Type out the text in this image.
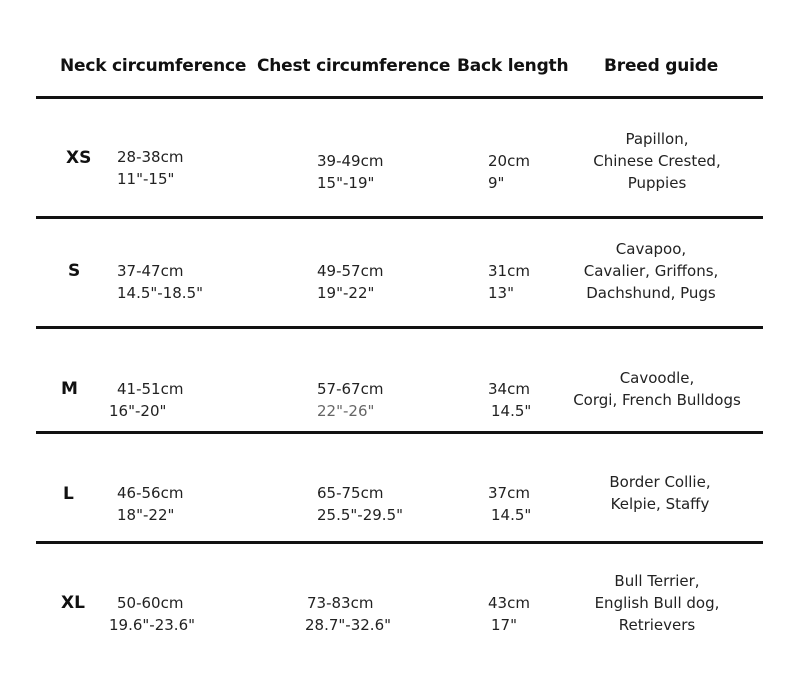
Neck circumference Chest circumference Back length Breed guide
XS 28-38cm
11"-15"
39-49cm
15"-19"
20cm
9"
Papillon,
Chinese Crested,
Puppies
S 37-47cm
14.5"-18.5"
49-57cm
19"-22"
31cm
13"
Cavapoo,
Cavalier, Griffons,
Dachshund, Pugs
M	41-51cm
16"-20"
57-67cm
22"-26"
34cm
14.5"
Cavoodle,
Corgi, French Bulldogs
L	46-56cm
18"-22"
65-75cm
25.5"-29.5"
37cm
14.5"
Border Collie,
Kelpie, Staffy
XL 50-60cm
19.6"-23.6"
73-83cm
28.7"-32.6"
43cm
17"
Bull Terrier,
English Bull dog,
Retrievers
